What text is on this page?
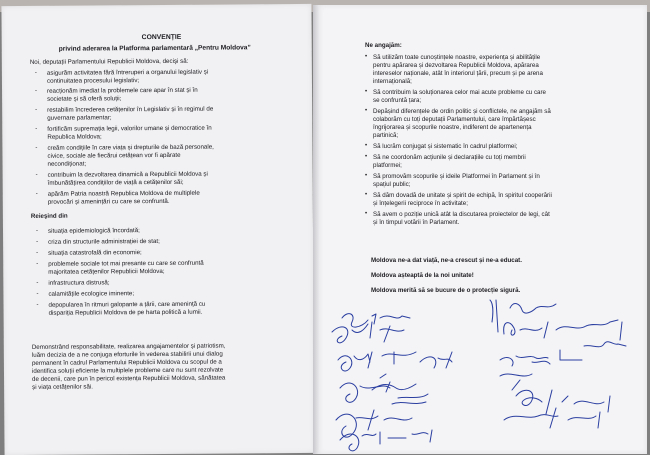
CONVENȚIE
privind aderarea la Platforma parlamentară „Pentru Moldova”
Noi, deputații Parlamentului Republicii Moldova, decişi să:
- asigurăm activitatea fără întreruperi a organului legislativ și
continuitatea procesului legislativ;
- reacționăm imediat la problemele care apar în stat și în
societate și să oferă soluții;
- restabilim încrederea cetățenilor în Legislativ și în regimul de
guvernare parlamentar;
- fortificăm supremația legii, valorilor umane și democratice în
Republica Moldova;
- creăm condițiile în care viața și drepturile de bază personale,
civice, sociale ale fiecărui cetățean vor fi apărate
necondiționat;
- contribuim la dezvoltarea dinamică a Republicii Moldova și
îmbunătățirea condițiilor de viață a cetățenilor săi;
- apărăm Patria noastră Republica Moldova de multiplele
provocări și amenințări cu care se confruntă.
Reieşind din
- situația epidemiologică încordată;
- criza din structurile administrației de stat;
- situația catastrofală din economie;
- problemele sociale tot mai presante cu care se confruntă
majoritatea cetățenilor Republicii Moldova;
- infrastructura distrusă;
- calamitățile ecologice iminente;
- depopularea în ritmuri galopante a țării, care amenință cu
dispariția Republicii Moldova de pe harta politică a lumii.
Demonstrând responsabilitate, realizarea angajamentelor și patriotism,
luăm decizia de a ne conjuga eforturile în vederea stabilirii unui dialog
permanent în cadrul Parlamentului Republicii Moldova cu scopul de a
identifica soluții eficiente la multiplele probleme care nu sunt rezolvate
de decenii, care pun în pericol existența Republicii Moldova, sănătatea
și viața cetățenilor săi.
Ne angajăm:
• Să utilizăm toate cunoștințele noastre, experiența și abilitățile
pentru apărarea și dezvoltarea Republicii Moldova, apărarea
intereselor naționale, atât în interiorul țării, precum și pe arena
internațională;
• Să contribuim la soluționarea celor mai acute probleme cu care
se confruntă țara;
• Depășind diferențele de ordin politic și conflictele, ne angajăm să
colaborăm cu toți deputații Parlamentului, care împărtășesc
îngrijorarea și scopurile noastre, indiferent de apartenența
partinică;
• Să lucrăm conjugat și sistematic în cadrul platformei;
• Să ne coordonăm acțiunile și declarațiile cu toți membrii
platformei;
• Să promovăm scopurile și ideile Platformei în Parlament și în
spațiul public;
• Să dăm dovadă de unitate și spirit de echipă, în spiritul cooperării
și înțelegerii reciproce în activitate;
• Să avem o poziție unică atât la discutarea proiectelor de legi, cât
și în timpul votării în Parlament.
Moldova ne-a dat viață, ne-a crescut și ne-a educat.
Moldova așteaptă de la noi unitate!
Moldova merită să se bucure de o protecție sigură.
